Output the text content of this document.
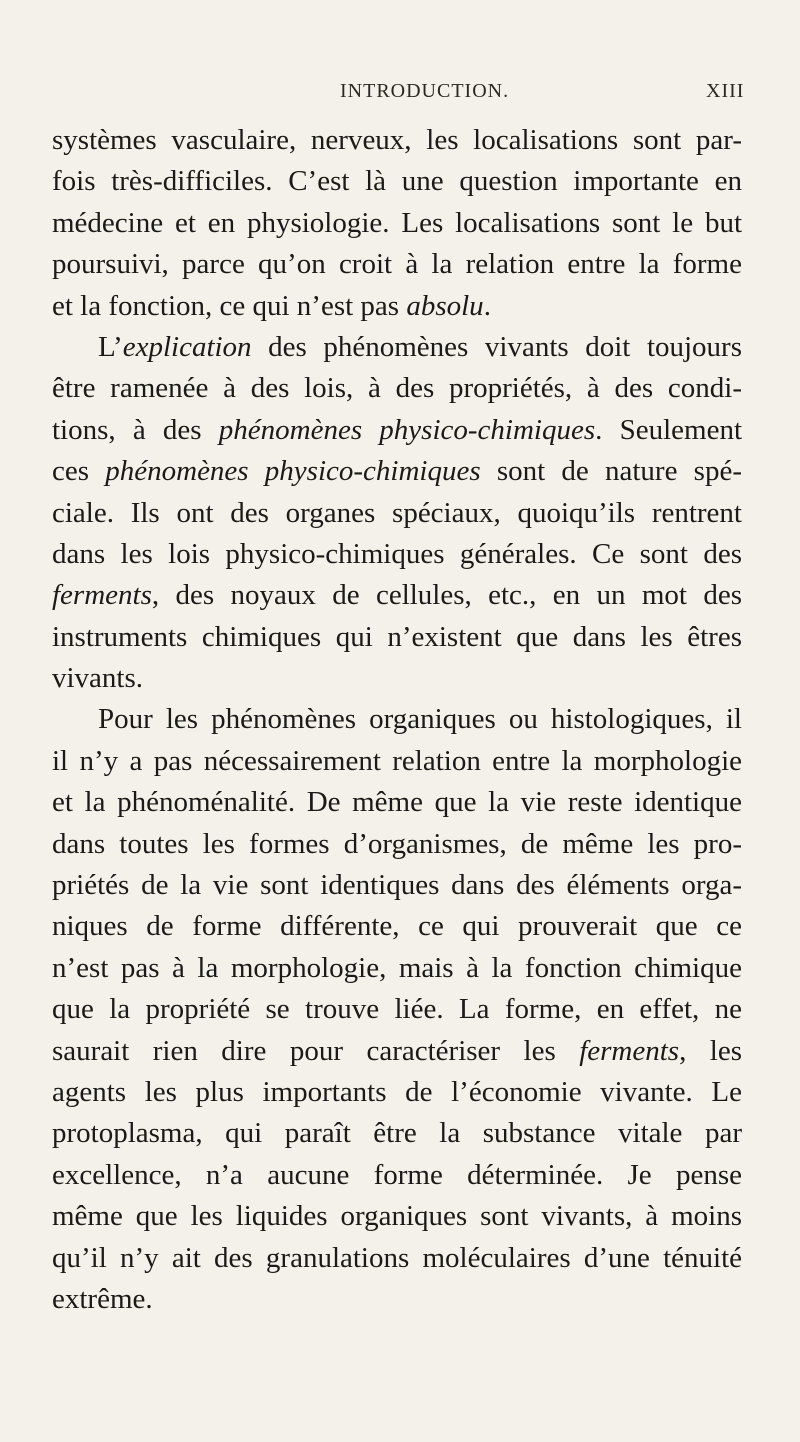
INTRODUCTION.	XIII
systèmes vasculaire, nerveux, les localisations sont par-
fois très-difficiles. C’est là une question importante en
médecine et en physiologie. Les localisations sont le but
poursuivi, parce qu’on croit à la relation entre la forme
et la fonction, ce qui n’est pas absolu.
L’explication des phénomènes vivants doit toujours
être ramenée à des lois, à des propriétés, à des condi-
tions, à des phénomènes physico-chimiques. Seulement
ces phénomènes physico-chimiques sont de nature spé-
ciale. Ils ont des organes spéciaux, quoiqu’ils rentrent
dans les lois physico-chimiques générales. Ce sont des
ferments, des noyaux de cellules, etc., en un mot des
instruments chimiques qui n’existent que dans les êtres
vivants.
Pour les phénomènes organiques ou histologiques, il
il n’y a pas nécessairement relation entre la morphologie
et la phénoménalité. De même que la vie reste identique
dans toutes les formes d’organismes, de même les pro-
priétés de la vie sont identiques dans des éléments orga-
niques de forme différente, ce qui prouverait que ce
n’est pas à la morphologie, mais à la fonction chimique
que la propriété se trouve liée. La forme, en effet, ne
saurait rien dire pour caractériser les ferments, les
agents les plus importants de l’économie vivante. Le
protoplasma, qui paraît être la substance vitale par
excellence, n’a aucune forme déterminée. Je pense
même que les liquides organiques sont vivants, à moins
qu’il n’y ait des granulations moléculaires d’une ténuité
extrême.
